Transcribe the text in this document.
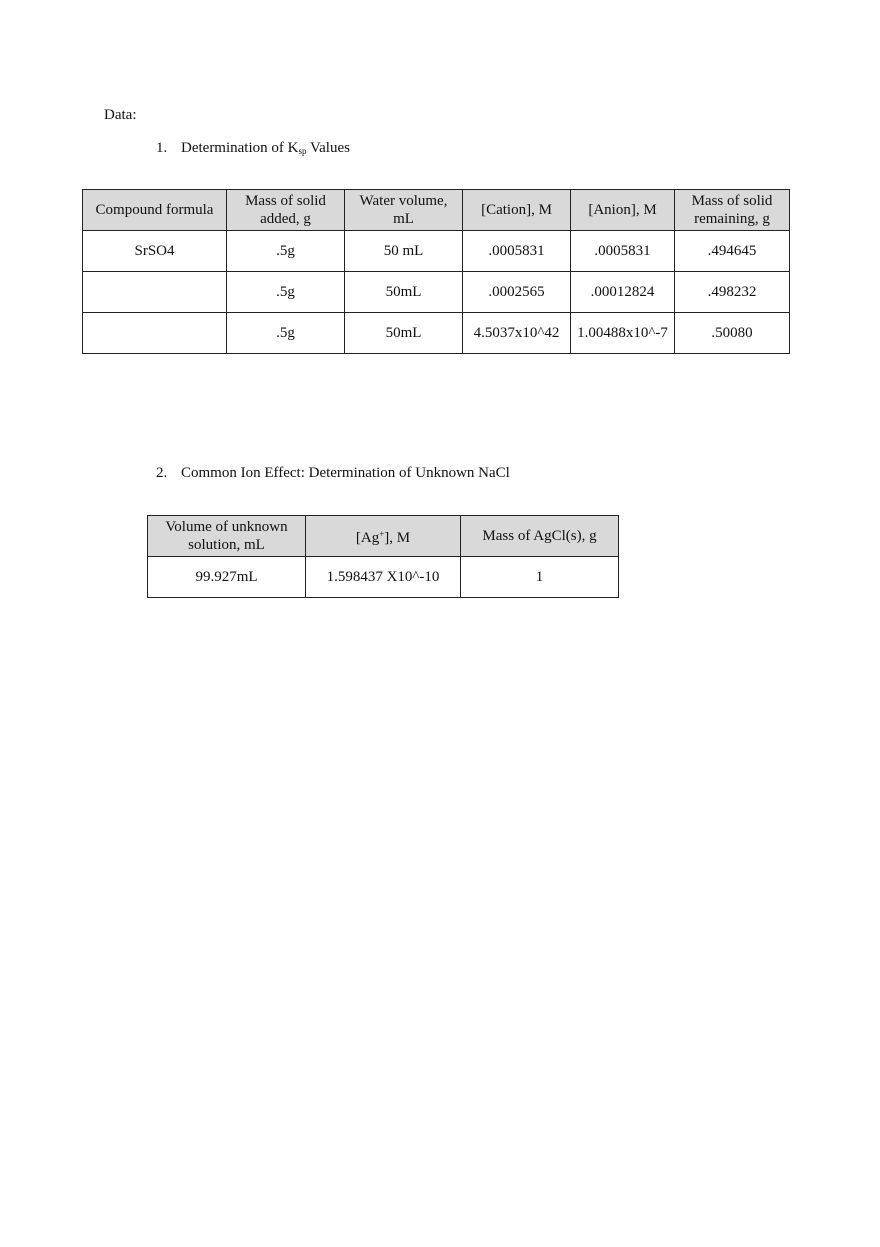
Data:
1. Determination of $K_{sp}$ Values
Compound formula	Mass of solid added, g	Water volume, mL	[Cation], M	[Anion], M	Mass of solid remaining, g
SrSO4	.5g	50 mL	.0005831	.0005831	.494645
	.5g	50mL	.0002565	.00012824	.498232
	.5g	50mL	4.5037x10^42	1.00488x10^-7	.50080
2. Common Ion Effect: Determination of Unknown NaCl
Volume of unknown solution, mL	[Ag+], M	Mass of AgCl(s), g
99.927mL	1.598437 X10^-10	1
